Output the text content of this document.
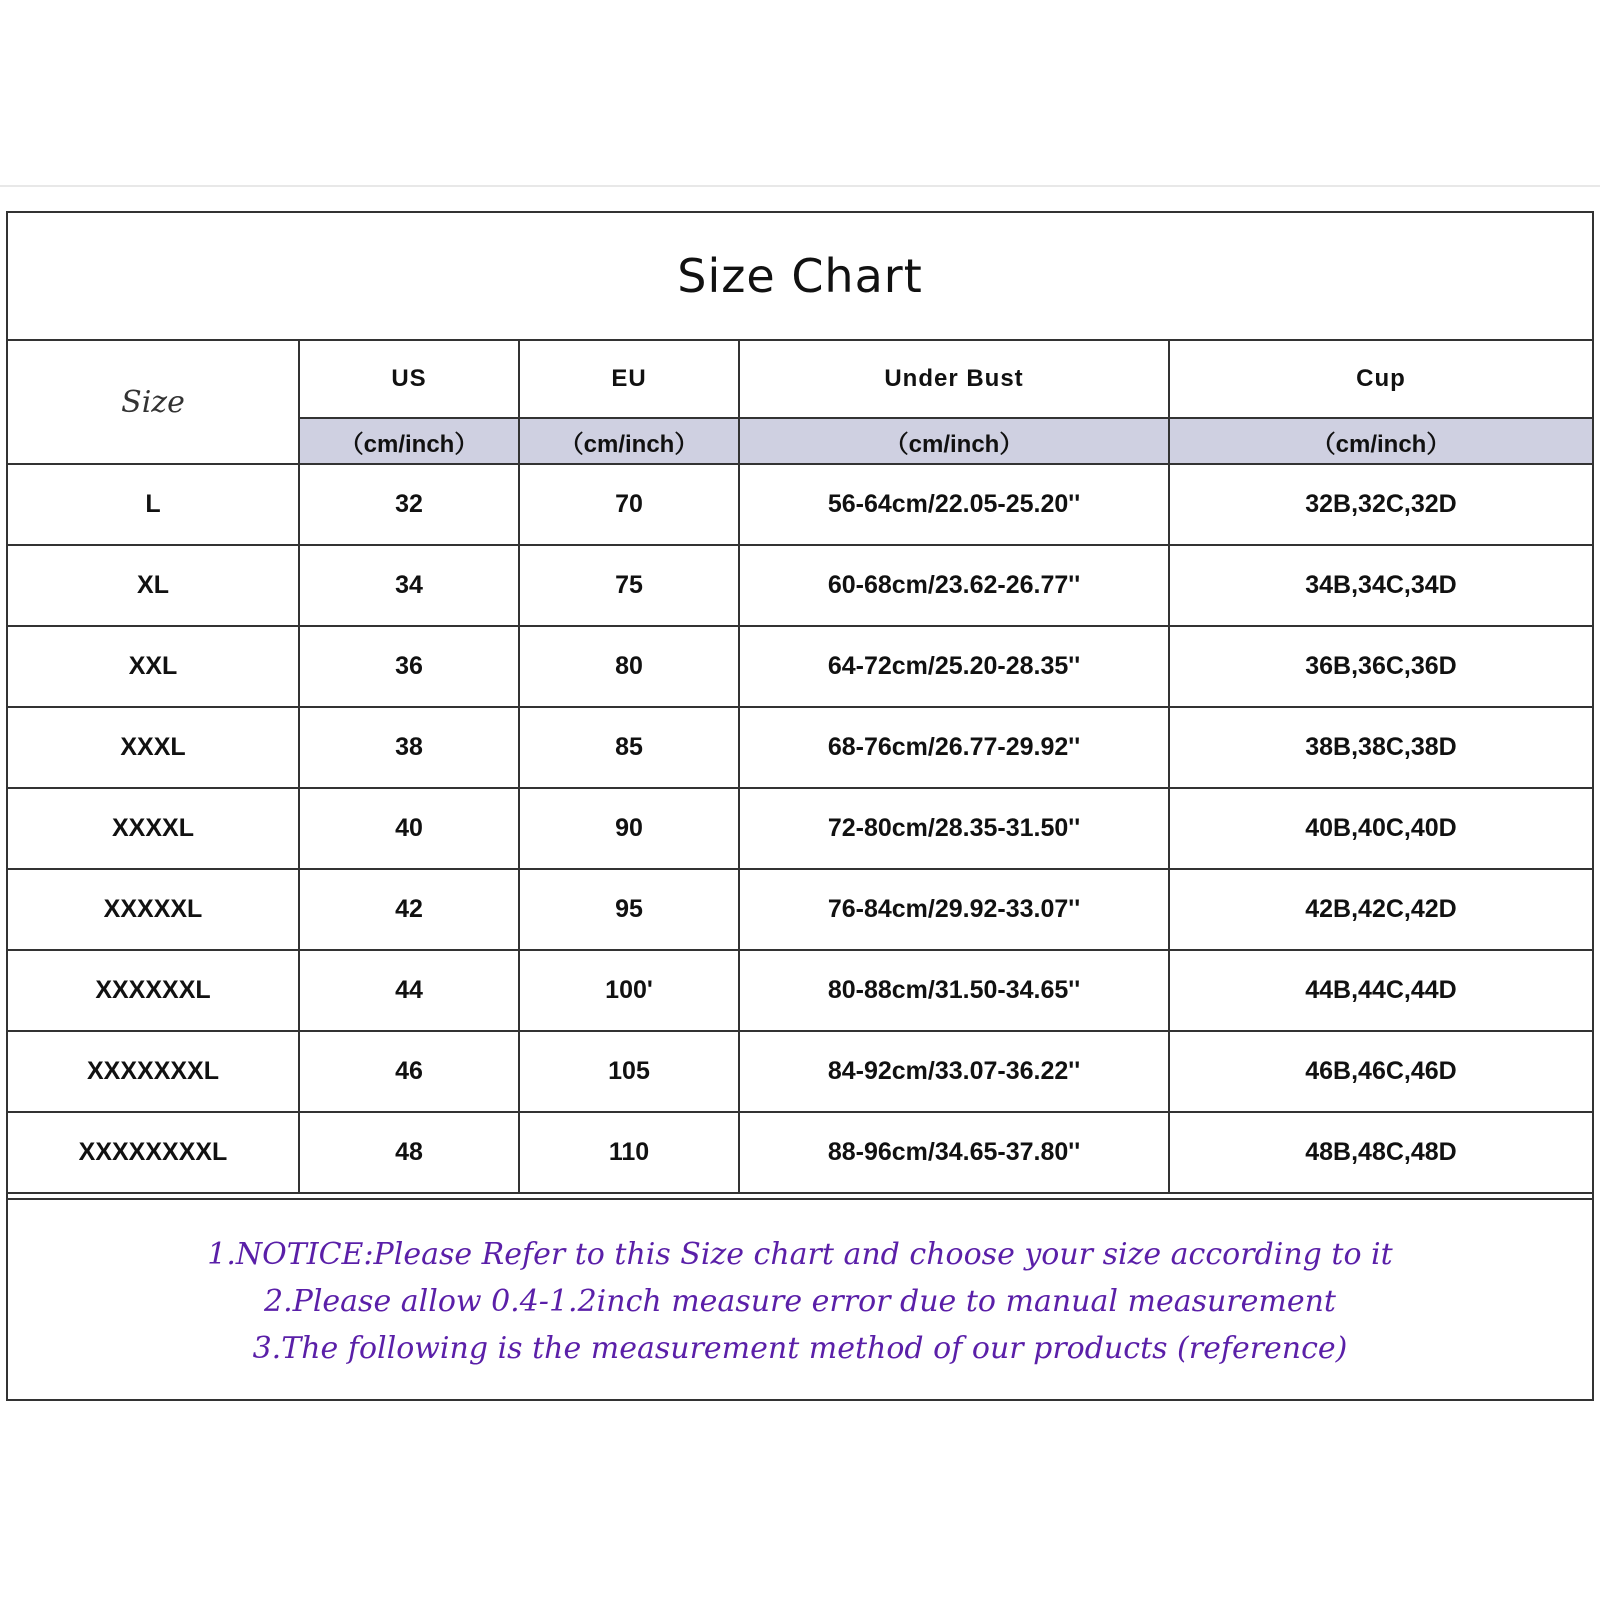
Size Chart
Size	US	EU	Under Bust	Cup
	（cm/inch）	（cm/inch）	（cm/inch）	（cm/inch）
L	32	70	56-64cm/22.05-25.20''	32B,32C,32D
XL	34	75	60-68cm/23.62-26.77''	34B,34C,34D
XXL	36	80	64-72cm/25.20-28.35''	36B,36C,36D
XXXL	38	85	68-76cm/26.77-29.92''	38B,38C,38D
XXXXL	40	90	72-80cm/28.35-31.50''	40B,40C,40D
XXXXXL	42	95	76-84cm/29.92-33.07''	42B,42C,42D
XXXXXXL	44	100'	80-88cm/31.50-34.65''	44B,44C,44D
XXXXXXXL	46	105	84-92cm/33.07-36.22''	46B,46C,46D
XXXXXXXXL	48	110	88-96cm/34.65-37.80''	48B,48C,48D
1.NOTICE:Please Refer to this Size chart and choose your size according to it
2.Please allow 0.4-1.2inch measure error due to manual measurement
3.The following is the measurement method of our products (reference)
